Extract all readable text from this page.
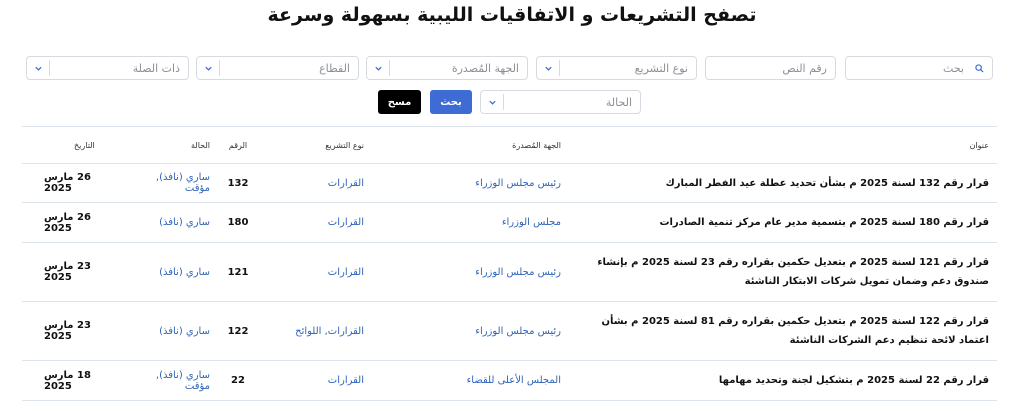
تصفح التشريعات و الاتفاقيات الليبية بسهولة وسرعة
بحث
رقم النص
نوع التشريع
الجهة المُصدرة
القطاع
ذات الصلة
الحالة
بحث
مسح
عنوان	الجهة المُصدرة	نوع التشريع	الرقم	الحالة	التاريخ
قرار رقم 132 لسنة 2025 م بشأن تحديد عطلة عيد الفطر المبارك	رئيس مجلس الوزراء	القرارات	132	ساري (نافذ), مؤقت	26 مارس 2025
قرار رقم 180 لسنة 2025 م بتسمية مدير عام مركز تنمية الصادرات	مجلس الوزراء	القرارات	180	ساري (نافذ)	26 مارس 2025
قرار رقم 121 لسنة 2025 م بتعديل حكمين بقراره رقم 23 لسنة 2025 م بإنشاء صندوق دعم وضمان تمويل شركات الابتكار الناشئة	رئيس مجلس الوزراء	القرارات	121	ساري (نافذ)	23 مارس 2025
قرار رقم 122 لسنة 2025 م بتعديل حكمين بقراره رقم 81 لسنة 2025 م بشأن اعتماد لائحة تنظيم دعم الشركات الناشئة	رئيس مجلس الوزراء	القرارات, اللوائح	122	ساري (نافذ)	23 مارس 2025
قرار رقم 22 لسنة 2025 م بتشكيل لجنة وتحديد مهامها	المجلس الأعلى للقضاء	القرارات	22	ساري (نافذ), مؤقت	18 مارس 2025
